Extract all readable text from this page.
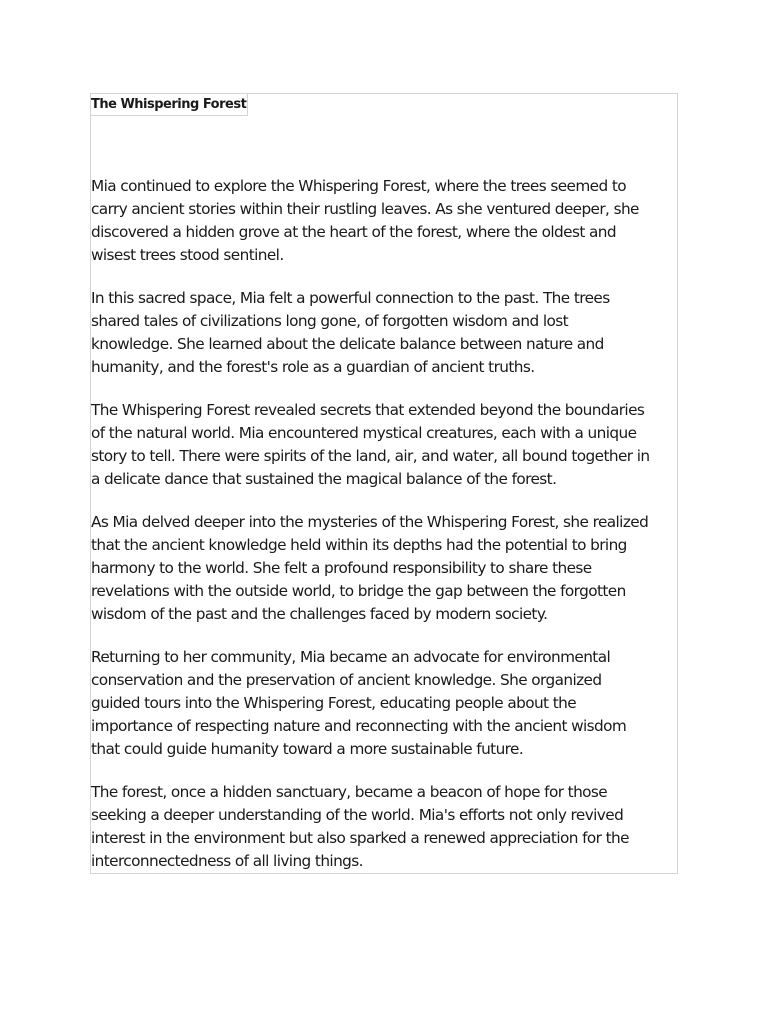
The Whispering Forest

Mia continued to explore the Whispering Forest, where the trees seemed to
carry ancient stories within their rustling leaves. As she ventured deeper, she
discovered a hidden grove at the heart of the forest, where the oldest and
wisest trees stood sentinel.

In this sacred space, Mia felt a powerful connection to the past. The trees
shared tales of civilizations long gone, of forgotten wisdom and lost
knowledge. She learned about the delicate balance between nature and
humanity, and the forest's role as a guardian of ancient truths.

The Whispering Forest revealed secrets that extended beyond the boundaries
of the natural world. Mia encountered mystical creatures, each with a unique
story to tell. There were spirits of the land, air, and water, all bound together in
a delicate dance that sustained the magical balance of the forest.

As Mia delved deeper into the mysteries of the Whispering Forest, she realized
that the ancient knowledge held within its depths had the potential to bring
harmony to the world. She felt a profound responsibility to share these
revelations with the outside world, to bridge the gap between the forgotten
wisdom of the past and the challenges faced by modern society.

Returning to her community, Mia became an advocate for environmental
conservation and the preservation of ancient knowledge. She organized
guided tours into the Whispering Forest, educating people about the
importance of respecting nature and reconnecting with the ancient wisdom
that could guide humanity toward a more sustainable future.

The forest, once a hidden sanctuary, became a beacon of hope for those
seeking a deeper understanding of the world. Mia's efforts not only revived
interest in the environment but also sparked a renewed appreciation for the
interconnectedness of all living things.
